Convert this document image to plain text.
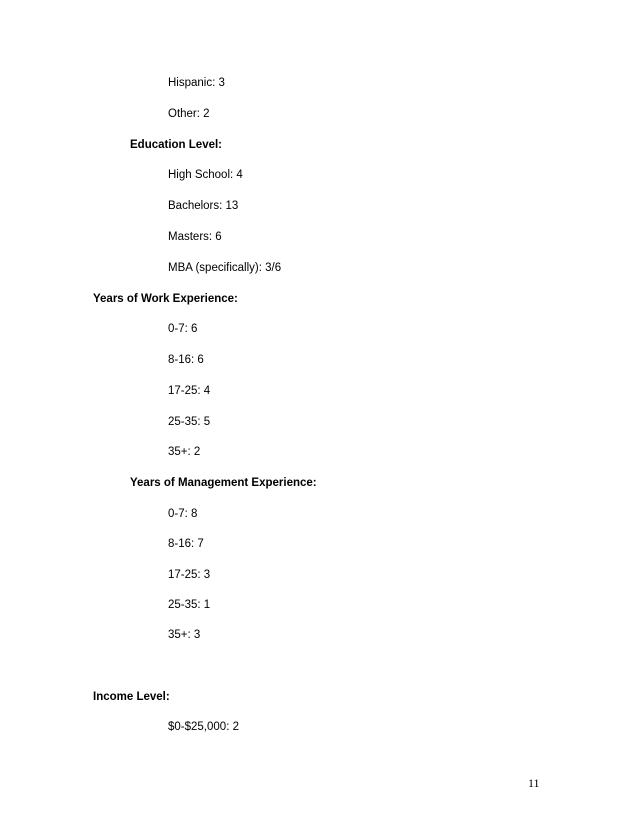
Hispanic: 3
Other: 2
Education Level:
High School: 4
Bachelors: 13
Masters: 6
MBA (specifically): 3/6
Years of Work Experience:
0-7: 6
8-16: 6
17-25: 4
25-35: 5
35+: 2
Years of Management Experience:
0-7: 8
8-16: 7
17-25: 3
25-35: 1
35+: 3
Income Level:
$0-$25,000: 2
11
